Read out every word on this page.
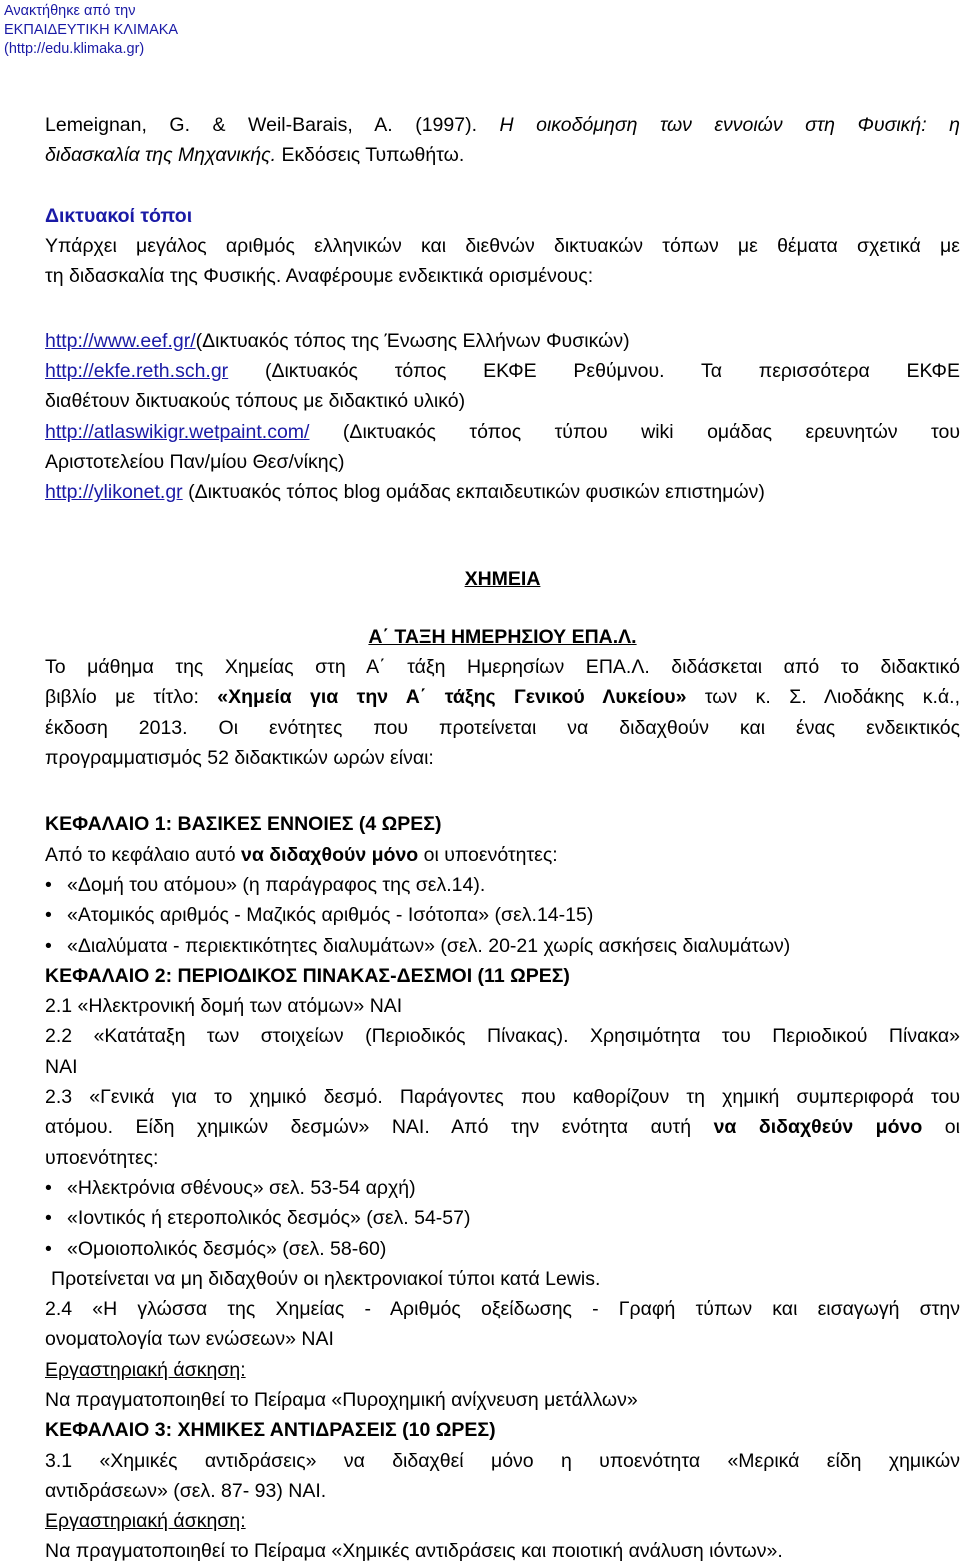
Ανακτήθηκε από την
ΕΚΠΑΙΔΕΥΤΙΚΗ ΚΛΙΜΑΚΑ
(http://edu.klimaka.gr)
Lemeignan, G. & Weil-Barais, A. (1997). Η οικοδόμηση των εννοιών στη Φυσική: η
διδασκαλία της Μηχανικής. Εκδόσεις Τυπωθήτω.
Δικτυακοί τόποι
Υπάρχει μεγάλος αριθμός ελληνικών και διεθνών δικτυακών τόπων με θέματα σχετικά με
τη διδασκαλία της Φυσικής. Αναφέρουμε ενδεικτικά ορισμένους:
http://www.eef.gr/(Δικτυακός τόπος της Ένωσης Ελλήνων Φυσικών)
http://ekfe.reth.sch.gr (Δικτυακός τόπος ΕΚΦΕ Ρεθύμνου. Τα περισσότερα ΕΚΦΕ
διαθέτουν δικτυακούς τόπους με διδακτικό υλικό)
http://atlaswikigr.wetpaint.com/ (Δικτυακός τόπος τύπου wiki ομάδας ερευνητών του
Αριστοτελείου Παν/μίου Θεσ/νίκης)
http://ylikonet.gr (Δικτυακός τόπος blog ομάδας εκπαιδευτικών φυσικών επιστημών)
ΧΗΜΕΙΑ
Α΄ ΤΑΞΗ ΗΜΕΡΗΣΙΟΥ ΕΠΑ.Λ.
Το μάθημα της Χημείας στη Α΄ τάξη Ημερησίων ΕΠΑ.Λ. διδάσκεται από το διδακτικό
βιβλίο με τίτλο: «Χημεία για την Α΄ τάξης Γενικού Λυκείου» των κ. Σ. Λιοδάκης κ.ά.,
έκδοση 2013. Οι ενότητες που προτείνεται να διδαχθούν και ένας ενδεικτικός
προγραμματισμός 52 διδακτικών ωρών είναι:
ΚΕΦΑΛΑΙΟ 1: ΒΑΣΙΚΕΣ ΕΝΝΟΙΕΣ (4 ΩΡΕΣ)
Από το κεφάλαιο αυτό να διδαχθούν μόνο οι υποενότητες:
• «Δομή του ατόμου» (η παράγραφος της σελ.14).
• «Ατομικός αριθμός - Μαζικός αριθμός - Ισότοπα» (σελ.14-15)
• «Διαλύματα - περιεκτικότητες διαλυμάτων» (σελ. 20-21 χωρίς ασκήσεις διαλυμάτων)
ΚΕΦΑΛΑΙΟ 2: ΠΕΡΙΟΔΙΚΟΣ ΠΙΝΑΚΑΣ-ΔΕΣΜΟΙ (11 ΩΡΕΣ)
2.1 «Ηλεκτρονική δομή των ατόμων» ΝΑΙ
2.2 «Κατάταξη των στοιχείων (Περιοδικός Πίνακας). Χρησιμότητα του Περιοδικού Πίνακα»
ΝΑΙ
2.3 «Γενικά για το χημικό δεσμό. Παράγοντες που καθορίζουν τη χημική συμπεριφορά του
ατόμου. Είδη χημικών δεσμών» ΝΑΙ. Από την ενότητα αυτή να διδαχθεύν μόνο οι
υποενότητες:
• «Ηλεκτρόνια σθένους» σελ. 53-54 αρχή)
• «Ιοντικός ή ετεροπολικός δεσμός» (σελ. 54-57)
• «Ομοιοπολικός δεσμός» (σελ. 58-60)
Προτείνεται να μη διδαχθούν οι ηλεκτρονιακοί τύποι κατά Lewis.
2.4 «Η γλώσσα της Χημείας - Αριθμός οξείδωσης - Γραφή τύπων και εισαγωγή στην
ονοματολογία των ενώσεων» ΝΑΙ
Εργαστηριακή άσκηση:
Να πραγματοποιηθεί το Πείραμα «Πυροχημική ανίχνευση μετάλλων»
ΚΕΦΑΛΑΙΟ 3: ΧΗΜΙΚΕΣ ΑΝΤΙΔΡΑΣΕΙΣ (10 ΩΡΕΣ)
3.1 «Χημικές αντιδράσεις» να διδαχθεί μόνο η υποενότητα «Μερικά είδη χημικών
αντιδράσεων» (σελ. 87- 93) ΝΑΙ.
Εργαστηριακή άσκηση:
Να πραγματοποιηθεί το Πείραμα «Χημικές αντιδράσεις και ποιοτική ανάλυση ιόντων».
